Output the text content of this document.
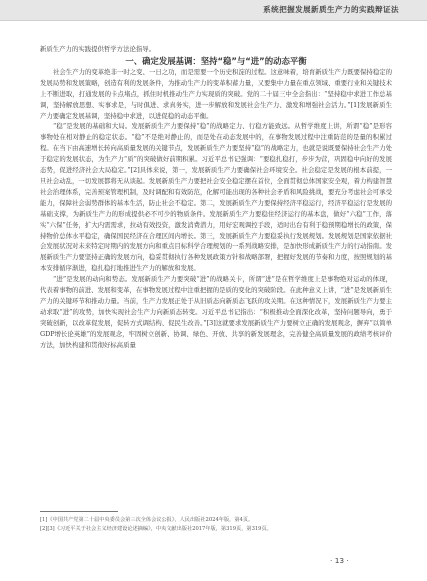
系统把握发展新质生产力的实践辩证法

新质生产力的实践提供哲学方法论指导。

一、确定发展基调：坚持“稳”与“进”的动态平衡

社会生产力的变革绝非一时之变、一日之功，而是需要一个历史积淀的过程。这意味着，培育新质生产力既要保持稳定的发展局势和发展策略，创造有利的发展条件，为推动生产力的变革积蓄力量，又要集中力量在重点领域、重要行业和关键技术上不断进取，打通发展的卡点堵点，抓住时机推动生产力实现质的突破。党的二十届三中全会指出：“坚持稳中求进工作总基调，坚持解放思想、实事求是，与时俱进、求真务实，进一步解放和发展社会生产力、激发和增强社会活力。”[1]发展新质生产力要确定发展基调，坚持稳中求进，以进促稳的动态平衡。

“稳”是发展的基础和大局。发展新质生产力要保持“稳”的战略定力、行稳方能致远。从哲学维度上讲，所谓“稳”是形容事物处在相对静止的稳定状态。“稳”不是绝对静止的，而是处在动态发展中的，在事物发展过程中注重防范的是量的积累过程。在当下由高速增长转向高质量发展的关键节点，发展新质生产力要坚持“稳”的战略定力，也就是说既要保持社会生产力处于稳定的发展状态，为生产力“质”的突破做好前期积累。习近平总书记强调：“要稳扎稳打，步步为营，巩固稳中向好的发展态势，促进经济社会大局稳定。”[2]具体来说，第一，发展新质生产力要确保社会环境安全。社会稳定是发展的根本前提，一旦社会动乱，一切发展都将无从谈起。发展新质生产力要把社会安全稳定摆在首位，全面贯彻总体国家安全观，着力构建智慧社会治理体系，完善预案管理机制，及时调配和有效防范，化解可能出现的各种社会矛盾和风险挑战，要充分考虑社会可承受能力，保障社会弱势群体的基本生活，防止社会不稳定。第二，发展新质生产力要保持经济平稳运行，经济平稳运行是发展的基础支撑，为新质生产力的形成提供必不可少的物质条件。发展新质生产力要稳住经济运行的基本盘，做好“六稳”工作，落实“六保”任务，扩大内需需求，拉动有效投资，激发消费潜力，用好宏观调控手段，适时出台有利于稳预期稳增长的政策，保持物价总体水平稳定，确保国民经济在合理区间内增长。第三，发展新质生产力要稳妥执行发展规划。发展规划是国家依据社会发展状况对未来特定时期内的发展方向和重点目标科学合理规划的一系列战略安排，是加快形成新质生产力的行动指南。发展新质生产力要坚持正确的发展方向，稳妥贯彻执行各种发展政策方针和战略部署，把握好发展的节奏和力度，按照规划的基本安排循序渐进，稳扎稳打地推进生产力的解放和发展。

“进”是发展的动向和势态。发展新质生产力要突破“进”的战略关卡，所谓“进”是在哲学维度上是事物绝对运动的体现，代表着事物的前进、发展和变革，在事物发展过程中注重把握的是质的变化的突破阶段。在此种意义上讲，“进”是发展新质生产力的关键环节和推动力量。当前，生产力发展正处于从旧质态向新质态飞跃的攻关期。在这种情况下，发展新质生产力要主动求取“进”的攻势，加快实现社会生产力向新质态转变。习近平总书记指出：“积极推动全面深化改革，坚持问题导向，勇于突破创新，以改革促发展，促转方式调结构、促民生改善。”[3]这就要求发展新质生产力要树立正确的发展观念，摒弃“以简单GDP增长论英雄”的发展观念，牢固树立创新、协调、绿色、开放、共享的新发展理念，完善健全高质量发展的政绩考核评价方法，加快构建和贯彻好标高质量

[1]《中国共产党第二十届中央委员会第三次全体会议公报》，人民出版社2024年版，第4页。
[2][3]《习近平关于社会主义经济建设论述摘编》，中央文献出版社2017年版，第319页，第319页。
· 13 ·
